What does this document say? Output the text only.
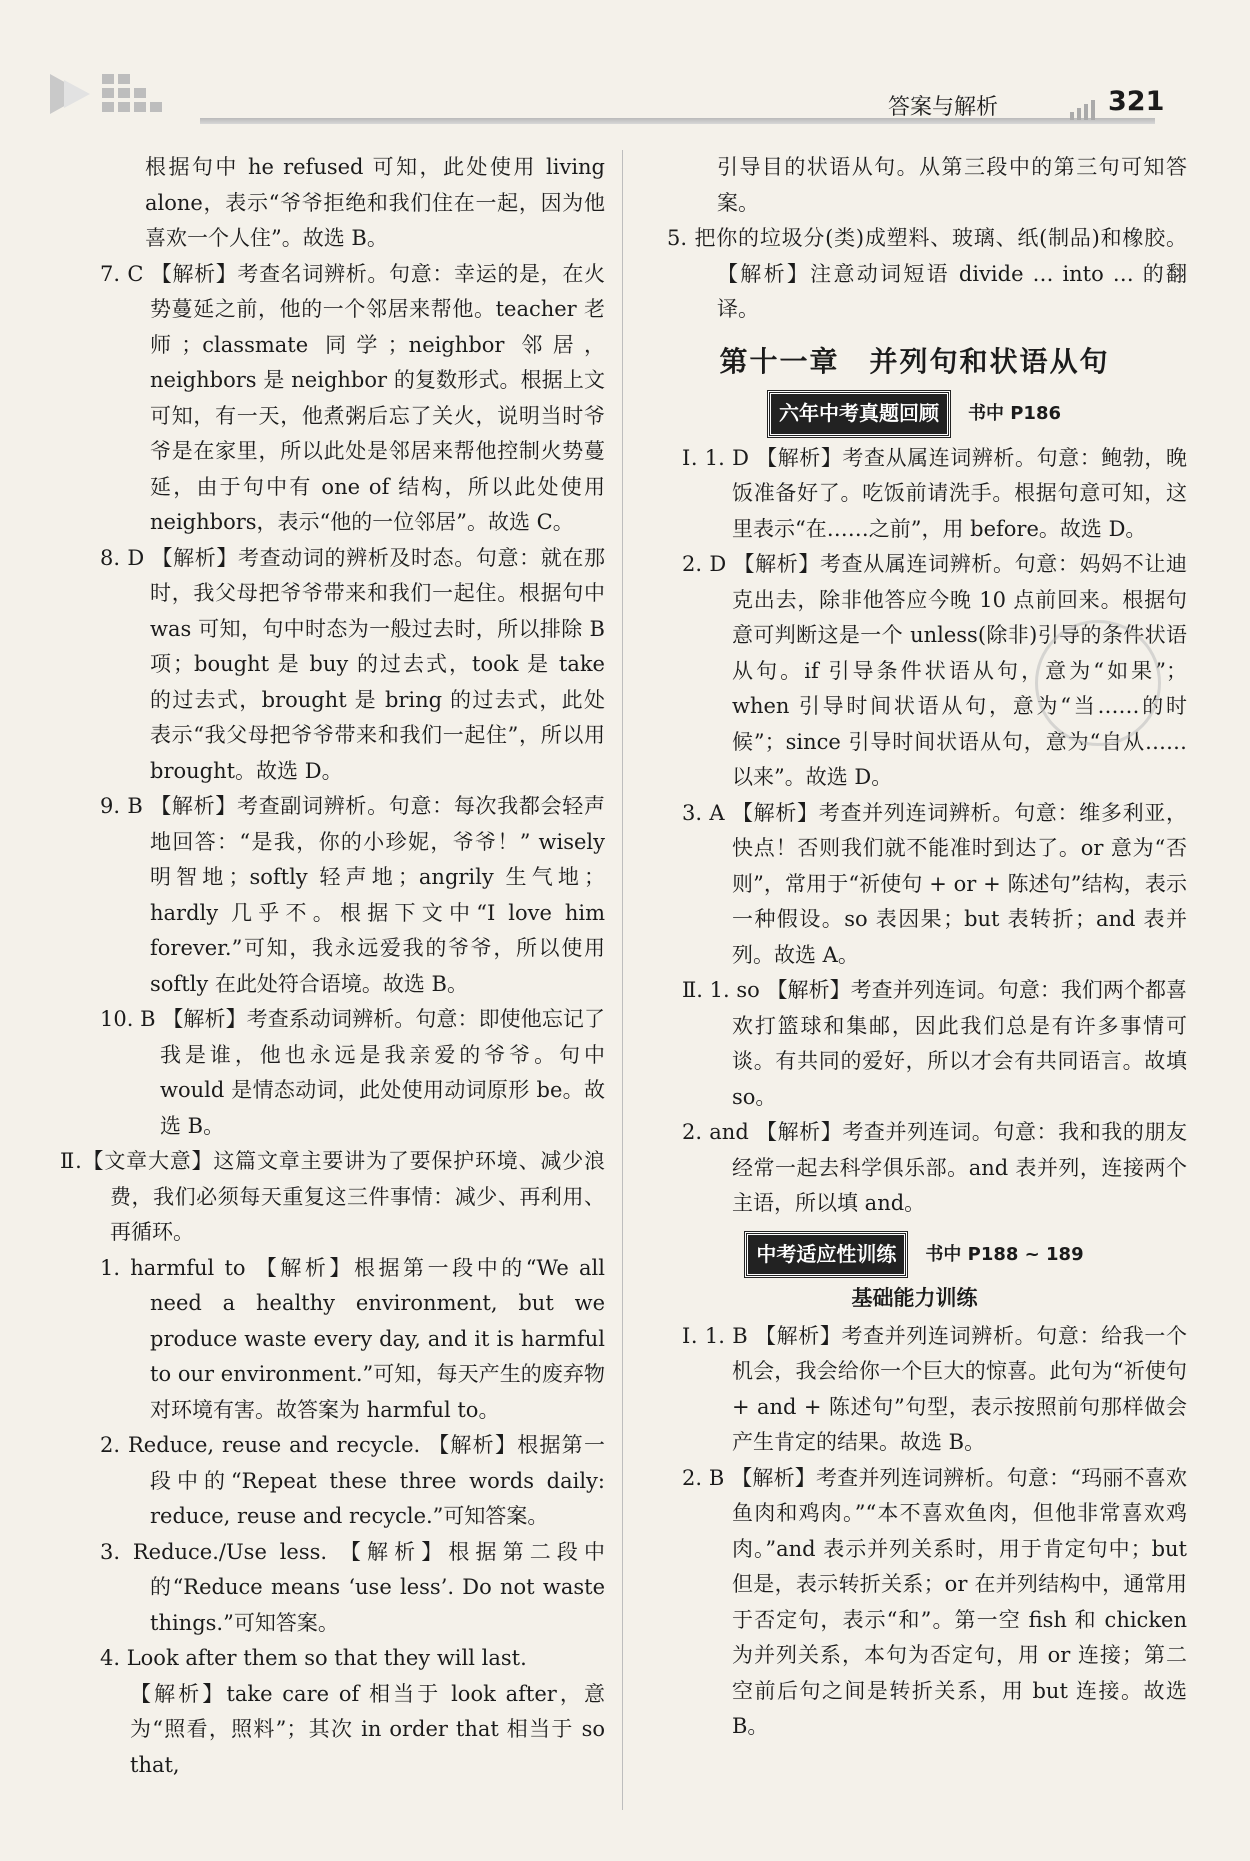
答案与解析	321

根据句中 he refused 可知，此处使用 living alone，表示“爷爷拒绝和我们住在一起，因为他喜欢一个人住”。故选 B。

7. C 【解析】考查名词辨析。句意：幸运的是，在火势蔓延之前，他的一个邻居来帮他。teacher 老师；classmate 同学；neighbor 邻居，neighbors 是 neighbor 的复数形式。根据上文可知，有一天，他煮粥后忘了关火，说明当时爷爷是在家里，所以此处是邻居来帮他控制火势蔓延，由于句中有 one of 结构，所以此处使用 neighbors，表示“他的一位邻居”。故选 C。

8. D 【解析】考查动词的辨析及时态。句意：就在那时，我父母把爷爷带来和我们一起住。根据句中 was 可知，句中时态为一般过去时，所以排除 B 项；bought 是 buy 的过去式，took 是 take 的过去式，brought 是 bring 的过去式，此处表示“我父母把爷爷带来和我们一起住”，所以用 brought。故选 D。

9. B 【解析】考查副词辨析。句意：每次我都会轻声地回答：“是我，你的小珍妮，爷爷！” wisely 明智地；softly 轻声地；angrily 生气地；hardly 几乎不。根据下文中“I love him forever.”可知，我永远爱我的爷爷，所以使用 softly 在此处符合语境。故选 B。

10. B 【解析】考查系动词辨析。句意：即使他忘记了我是谁，他也永远是我亲爱的爷爷。句中 would 是情态动词，此处使用动词原形 be。故选 B。

Ⅱ.【文章大意】这篇文章主要讲为了要保护环境、减少浪费，我们必须每天重复这三件事情：减少、再利用、再循环。

1. harmful to 【解析】根据第一段中的“We all need a healthy environment, but we produce waste every day, and it is harmful to our environment.”可知，每天产生的废弃物对环境有害。故答案为 harmful to。

2. Reduce, reuse and recycle. 【解析】根据第一段中的“Repeat these three words daily: reduce, reuse and recycle.”可知答案。

3. Reduce./Use less. 【解析】根据第二段中的“Reduce means ‘use less’. Do not waste things.”可知答案。

4. Look after them so that they will last.

【解析】take care of 相当于 look after，意为“照看，照料”；其次 in order that 相当于 so that,

引导目的状语从句。从第三段中的第三句可知答案。

5. 把你的垃圾分(类)成塑料、玻璃、纸(制品)和橡胶。 【解析】注意动词短语 divide … into … 的翻译。

第十一章　并列句和状语从句
六年中考真题回顾	书中 P186

Ⅰ. 1. D 【解析】考查从属连词辨析。句意：鲍勃，晚饭准备好了。吃饭前请洗手。根据句意可知，这里表示“在……之前”，用 before。故选 D。

2. D 【解析】考查从属连词辨析。句意：妈妈不让迪克出去，除非他答应今晚 10 点前回来。根据句意可判断这是一个 unless(除非)引导的条件状语从句。if 引导条件状语从句，意为“如果”；when 引导时间状语从句，意为“当……的时候”；since 引导时间状语从句，意为“自从……以来”。故选 D。

3. A 【解析】考查并列连词辨析。句意：维多利亚，快点！否则我们就不能准时到达了。or 意为“否则”，常用于“祈使句 + or + 陈述句”结构，表示一种假设。so 表因果；but 表转折；and 表并列。故选 A。

Ⅱ. 1. so 【解析】考查并列连词。句意：我们两个都喜欢打篮球和集邮，因此我们总是有许多事情可谈。有共同的爱好，所以才会有共同语言。故填 so。

2. and 【解析】考查并列连词。句意：我和我的朋友经常一起去科学俱乐部。and 表并列，连接两个主语，所以填 and。

中考适应性训练	书中 P188 ~ 189
基础能力训练

Ⅰ. 1. B 【解析】考查并列连词辨析。句意：给我一个机会，我会给你一个巨大的惊喜。此句为“祈使句 + and + 陈述句”句型，表示按照前句那样做会产生肯定的结果。故选 B。

2. B 【解析】考查并列连词辨析。句意：“玛丽不喜欢鱼肉和鸡肉。”“本不喜欢鱼肉，但他非常喜欢鸡肉。”and 表示并列关系时，用于肯定句中；but 但是，表示转折关系；or 在并列结构中，通常用于否定句，表示“和”。第一空 fish 和 chicken 为并列关系，本句为否定句，用 or 连接；第二空前后句之间是转折关系，用 but 连接。故选 B。
